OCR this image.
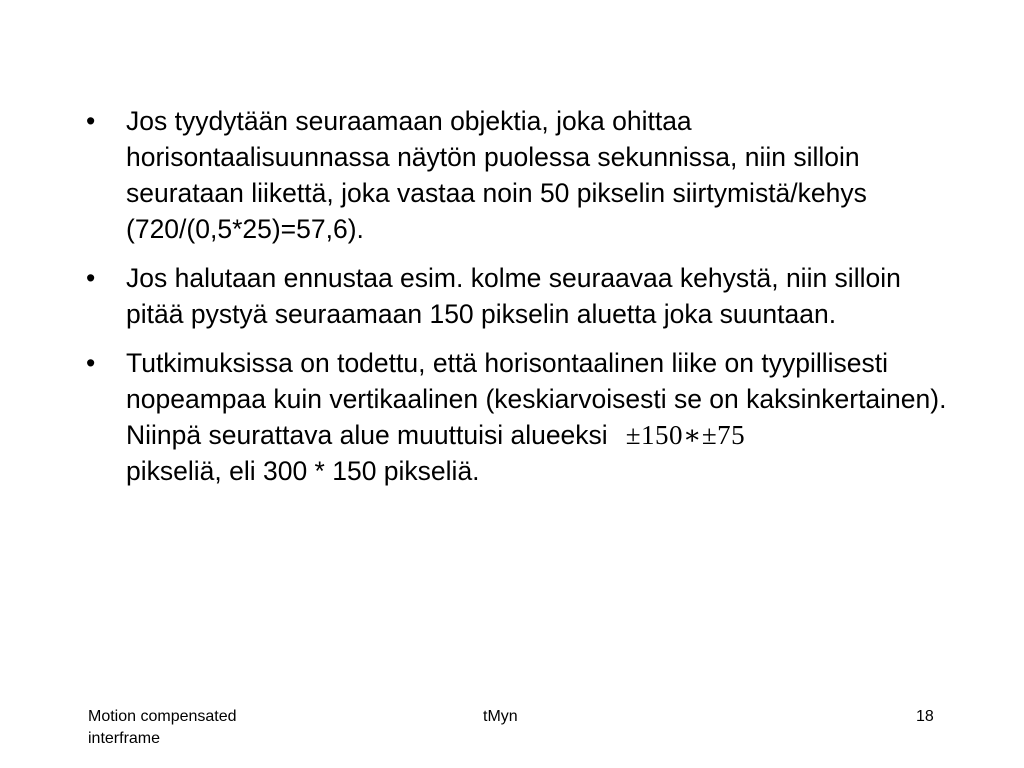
•	Jos tyydytään seuraamaan objektia, joka ohittaa horisontaalisuunnassa näytön puolessa sekunnissa, niin silloin seurataan liikettä, joka vastaa noin 50 pikselin siirtymistä/kehys (720/(0,5*25)=57,6).
•	Jos halutaan ennustaa esim. kolme seuraavaa kehystä, niin silloin pitää pystyä seuraamaan 150 pikselin aluetta joka suuntaan.
•	Tutkimuksissa on todettu, että horisontaalinen liike on tyypillisesti nopeampaa kuin vertikaalinen (keskiarvoisesti se on kaksinkertainen). Niinpä seurattava alue muuttuisi alueeksi ±150∗±75
pikseliä, eli 300 * 150 pikseliä.
Motion compensated interframe
tMyn	18
